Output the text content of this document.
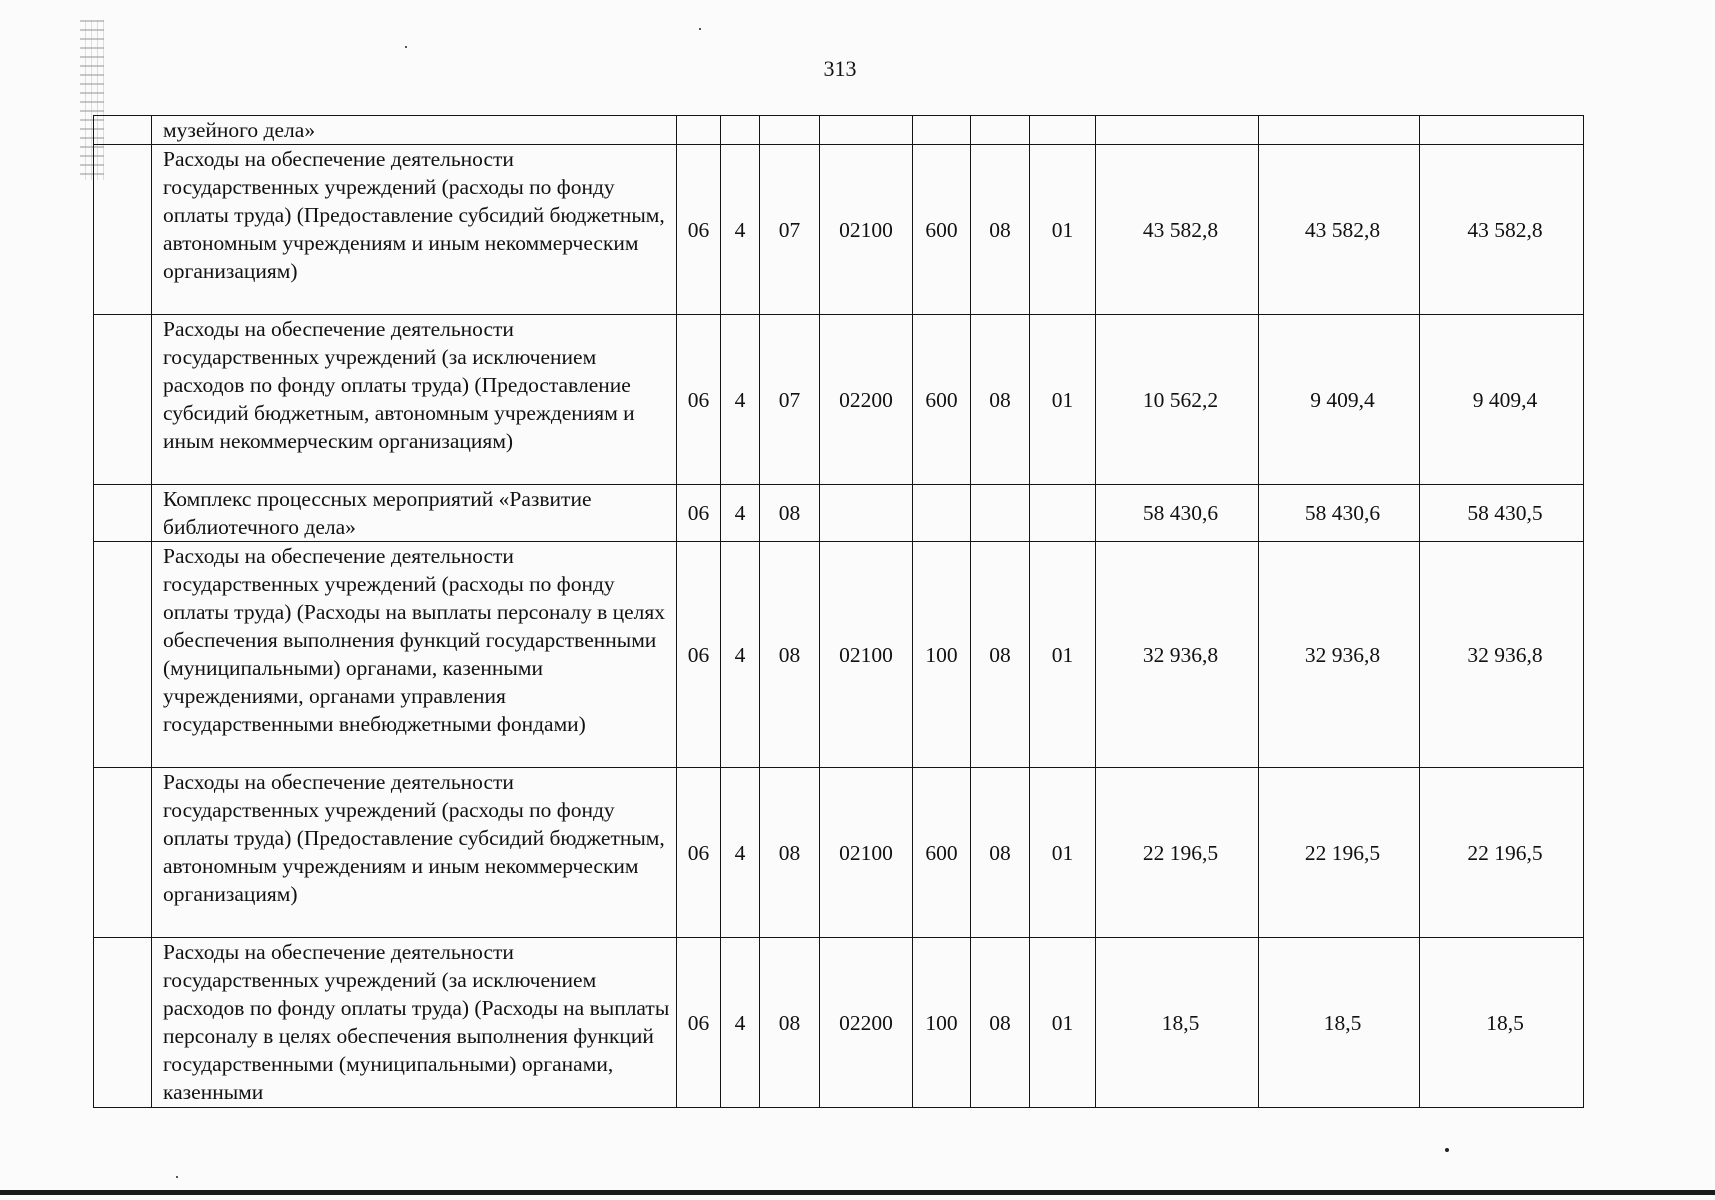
313
	музейного дела»										
	Расходы на обеспечение деятельности государственных учреждений (расходы по фонду оплаты труда) (Предоставление субсидий бюджетным, автономным учреждениям и иным некоммерческим организациям)	06	4	07	02100	600	08	01	43 582,8	43 582,8	43 582,8
	Расходы на обеспечение деятельности государственных учреждений (за исключением расходов по фонду оплаты труда) (Предоставление субсидий бюджетным, автономным учреждениям и иным некоммерческим организациям)	06	4	07	02200	600	08	01	10 562,2	9 409,4	9 409,4
	Комплекс процессных мероприятий «Развитие библиотечного дела»	06	4	08					58 430,6	58 430,6	58 430,5
	Расходы на обеспечение деятельности государственных учреждений (расходы по фонду оплаты труда) (Расходы на выплаты персоналу в целях обеспечения выполнения функций государственными (муниципальными) органами, казенными учреждениями, органами управления государственными внебюджетными фондами)	06	4	08	02100	100	08	01	32 936,8	32 936,8	32 936,8
	Расходы на обеспечение деятельности государственных учреждений (расходы по фонду оплаты труда) (Предоставление субсидий бюджетным, автономным учреждениям и иным некоммерческим организациям)	06	4	08	02100	600	08	01	22 196,5	22 196,5	22 196,5
	Расходы на обеспечение деятельности государственных учреждений (за исключением расходов по фонду оплаты труда) (Расходы на выплаты персоналу в целях обеспечения выполнения функций государственными (муниципальными) органами, казенными	06	4	08	02200	100	08	01	18,5	18,5	18,5
